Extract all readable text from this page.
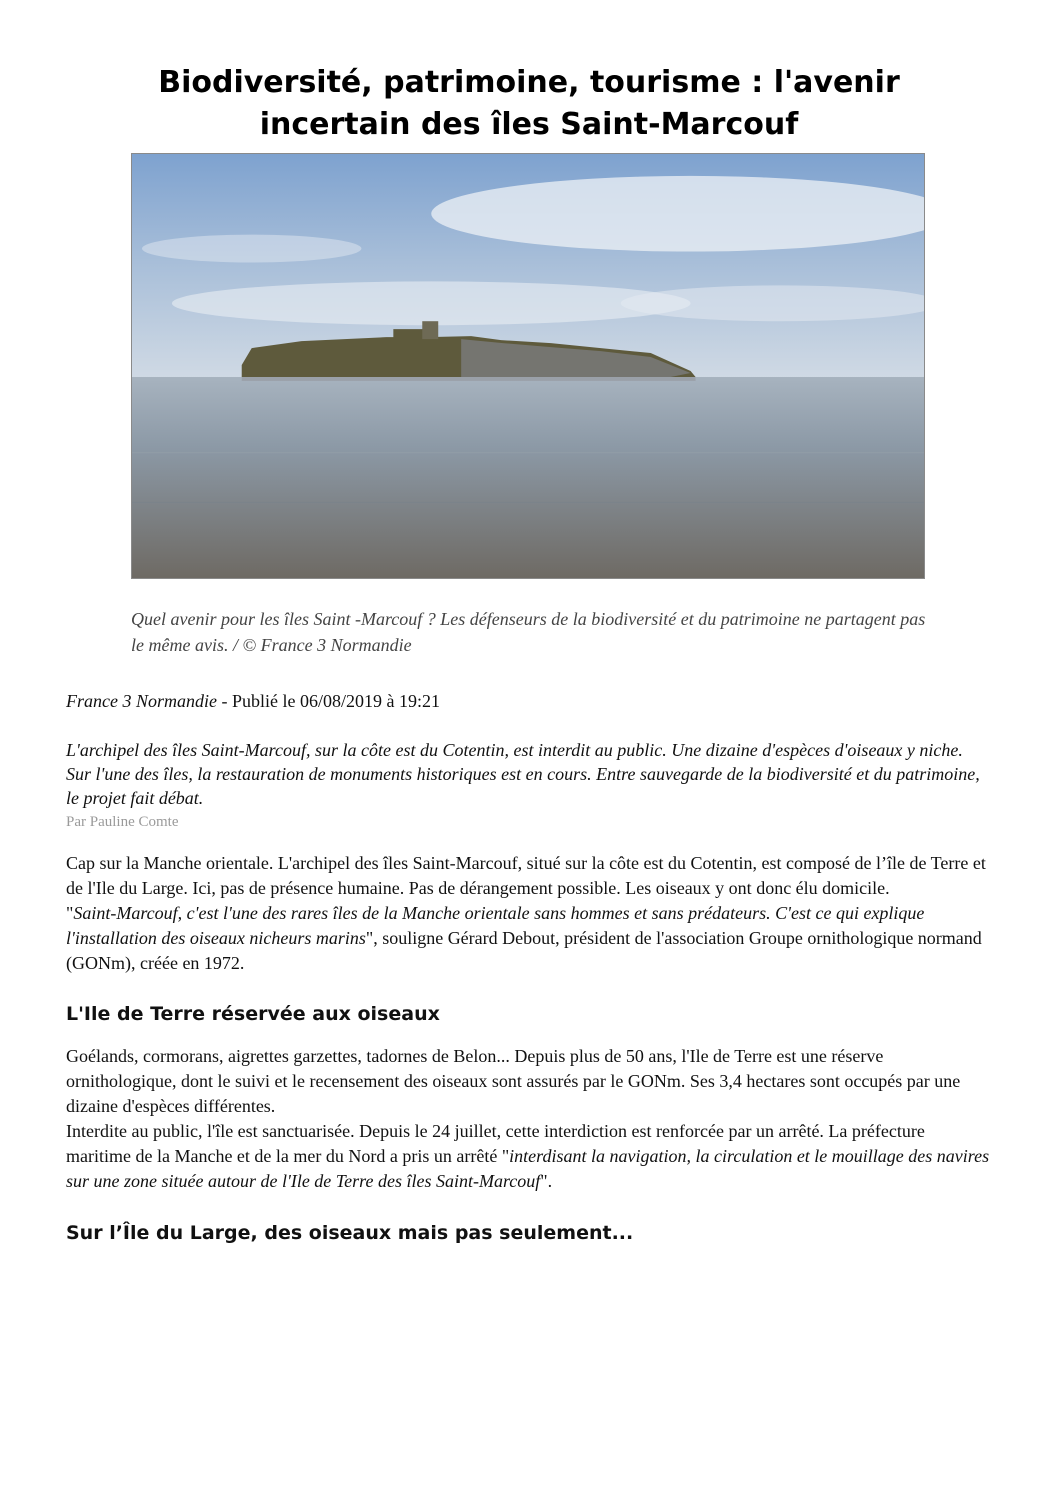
Biodiversité, patrimoine, tourisme : l'avenir incertain des îles Saint-Marcouf
Quel avenir pour les îles Saint -Marcouf ? Les défenseurs de la biodiversité et du patrimoine ne partagent pas le même avis. / © France 3 Normandie
France 3 Normandie - Publié le 06/08/2019 à 19:21
L'archipel des îles Saint-Marcouf, sur la côte est du Cotentin, est interdit au public. Une dizaine d'espèces d'oiseaux y niche. Sur l'une des îles, la restauration de monuments historiques est en cours. Entre sauvegarde de la biodiversité et du patrimoine, le projet fait débat.
Par Pauline Comte
Cap sur la Manche orientale. L'archipel des îles Saint-Marcouf, situé sur la côte est du Cotentin, est composé de l’île de Terre et de l'Ile du Large. Ici, pas de présence humaine. Pas de dérangement possible. Les oiseaux y ont donc élu domicile.
"Saint-Marcouf, c'est l'une des rares îles de la Manche orientale sans hommes et sans prédateurs. C'est ce qui explique l'installation des oiseaux nicheurs marins", souligne Gérard Debout, président de l'association Groupe ornithologique normand (GONm), créée en 1972.
L'Ile de Terre réservée aux oiseaux
Goélands, cormorans, aigrettes garzettes, tadornes de Belon... Depuis plus de 50 ans, l'Ile de Terre est une réserve ornithologique, dont le suivi et le recensement des oiseaux sont assurés par le GONm. Ses 3,4 hectares sont occupés par une dizaine d'espèces différentes.
Interdite au public, l'île est sanctuarisée. Depuis le 24 juillet, cette interdiction est renforcée par un arrêté. La préfecture maritime de la Manche et de la mer du Nord a pris un arrêté "interdisant la navigation, la circulation et le mouillage des navires sur une zone située autour de l'Ile de Terre des îles Saint-Marcouf".
Sur l’Île du Large, des oiseaux mais pas seulement...
